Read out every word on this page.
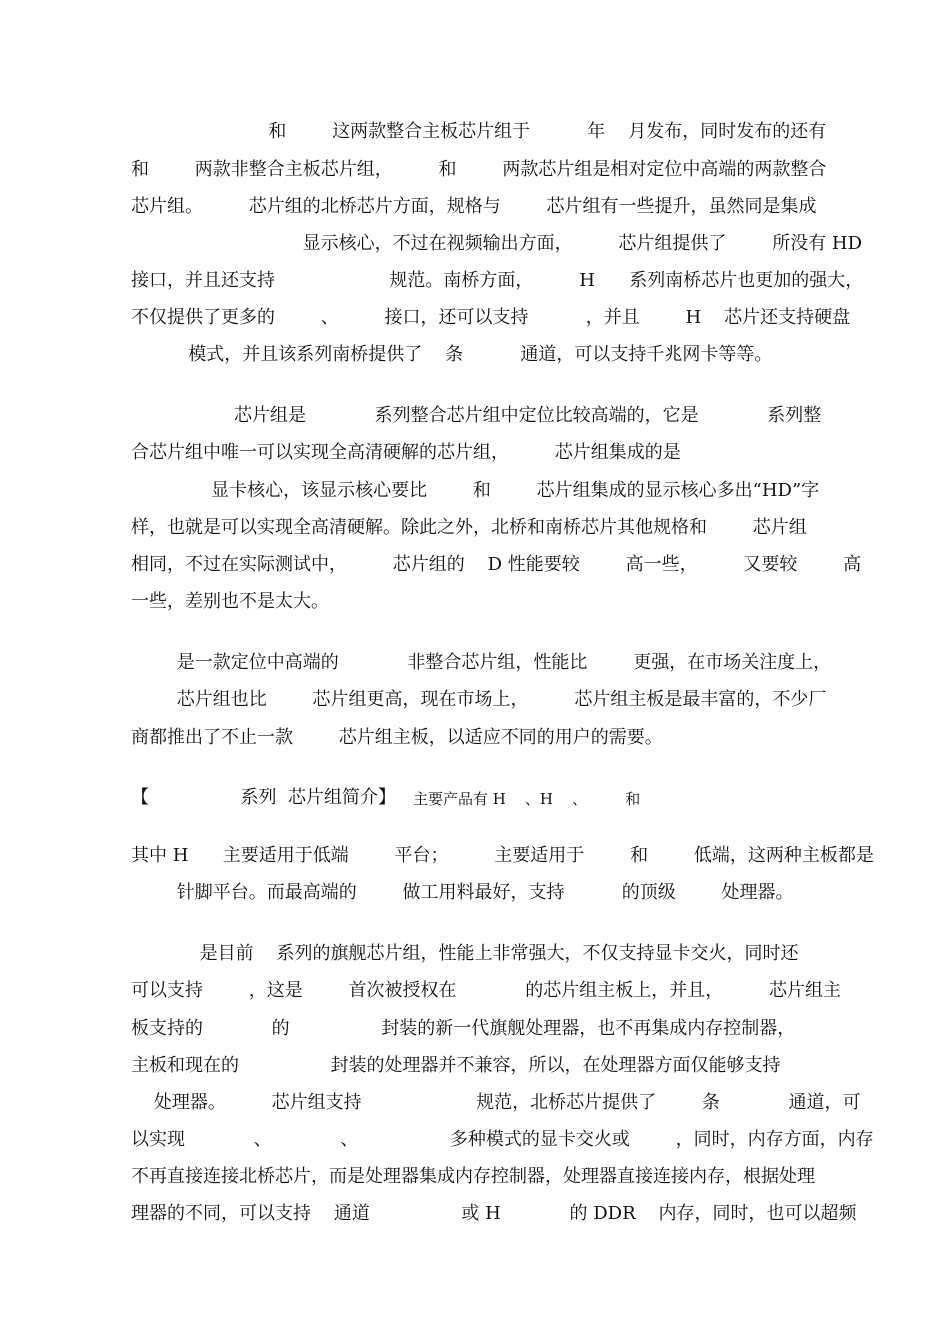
和        这两款整合主板芯片组于          年    月发布，同时发布的还有
和        两款非整合主板芯片组，        和        两款芯片组是相对定位中高端的两款整合
芯片组。        芯片组的北桥芯片方面，规格与        芯片组有一些提升，虽然同是集成
显示核心，不过在视频输出方面，        芯片组提供了        所没有 HD
接口，并且还支持                    规范。南桥方面，        H      系列南桥芯片也更加的强大，
不仅提供了更多的        、        接口，还可以支持          ，并且        H    芯片还支持硬盘
模式，并且该系列南桥提供了    条          通道，可以支持千兆网卡等等。
芯片组是            系列整合芯片组中定位比较高端的，它是            系列整
合芯片组中唯一可以实现全高清硬解的芯片组，        芯片组集成的是
显卡核心，该显示核心要比        和        芯片组集成的显示核心多出“HD”字
样，也就是可以实现全高清硬解。除此之外，北桥和南桥芯片其他规格和        芯片组
相同，不过在实际测试中，        芯片组的    D 性能要较        高一些，        又要较        高
一些，差别也不是太大。
是一款定位中高端的            非整合芯片组，性能比        更强，在市场关注度上，
芯片组也比        芯片组更高，现在市场上，        芯片组主板是最丰富的，不少厂
商都推出了不止一款        芯片组主板，以适应不同的用户的需要。
【                系列  芯片组简介】	主要产品有 H    、H    、        和
其中 H      主要适用于低端        平台；        主要适用于        和        低端，这两种主板都是
针脚平台。而最高端的        做工用料最好，支持          的顶级        处理器。
是目前    系列的旗舰芯片组，性能上非常强大，不仅支持显卡交火，同时还
可以支持        ，这是        首次被授权在            的芯片组主板上，并且，        芯片组主
板支持的            的                封装的新一代旗舰处理器，也不再集成内存控制器，
主板和现在的                封装的处理器并不兼容，所以，在处理器方面仅能够支持
处理器。        芯片组支持                    规范，北桥芯片提供了        条            通道，可
以实现            、            、                多种模式的显卡交火或        ，同时，内存方面，内存
不再直接连接北桥芯片，而是处理器集成内存控制器，处理器直接连接内存，根据处理
理器的不同，可以支持    通道                或 H            的 DDR    内存，同时，也可以超频
